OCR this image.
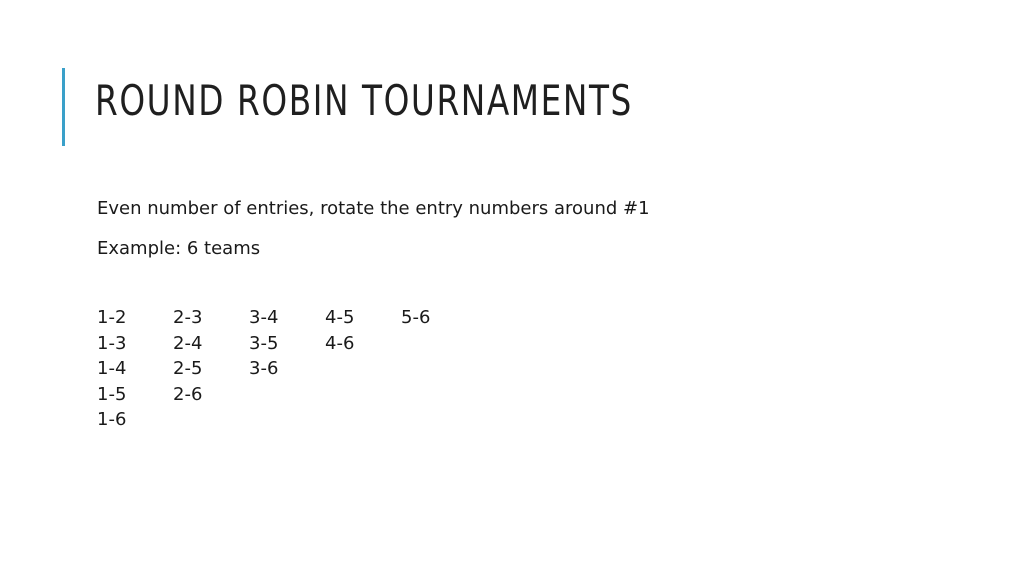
ROUND ROBIN TOURNAMENTS
Even number of entries, rotate the entry numbers around #1
Example: 6 teams
1-2	2-3	3-4	4-5	5-6
1-3	2-4	3-5	4-6
1-4	2-5	3-6
1-5	2-6
1-6
